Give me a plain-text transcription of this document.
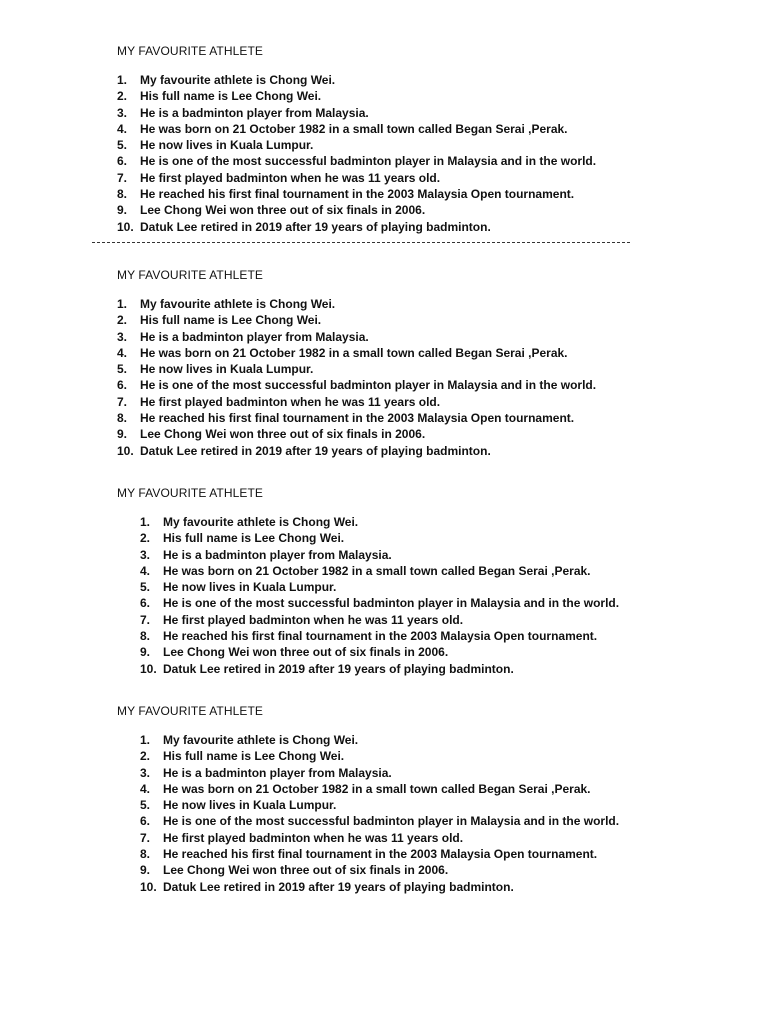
MY FAVOURITE ATHLETE
1. My favourite athlete is Chong Wei.
2. His full name is Lee Chong Wei.
3. He is a badminton player from Malaysia.
4. He was born on 21 October 1982 in a small town called Began Serai ,Perak.
5. He now lives in Kuala Lumpur.
6. He is one of the most successful badminton player in Malaysia and in the world.
7. He first played badminton when he was 11 years old.
8. He reached his first final tournament in the 2003 Malaysia Open tournament.
9. Lee Chong Wei won three out of six finals in 2006.
10. Datuk Lee retired in 2019 after 19 years of playing badminton.
MY FAVOURITE ATHLETE
1. My favourite athlete is Chong Wei.
2. His full name is Lee Chong Wei.
3. He is a badminton player from Malaysia.
4. He was born on 21 October 1982 in a small town called Began Serai ,Perak.
5. He now lives in Kuala Lumpur.
6. He is one of the most successful badminton player in Malaysia and in the world.
7. He first played badminton when he was 11 years old.
8. He reached his first final tournament in the 2003 Malaysia Open tournament.
9. Lee Chong Wei won three out of six finals in 2006.
10. Datuk Lee retired in 2019 after 19 years of playing badminton.
MY FAVOURITE ATHLETE
1. My favourite athlete is Chong Wei.
2. His full name is Lee Chong Wei.
3. He is a badminton player from Malaysia.
4. He was born on 21 October 1982 in a small town called Began Serai ,Perak.
5. He now lives in Kuala Lumpur.
6. He is one of the most successful badminton player in Malaysia and in the world.
7. He first played badminton when he was 11 years old.
8. He reached his first final tournament in the 2003 Malaysia Open tournament.
9. Lee Chong Wei won three out of six finals in 2006.
10. Datuk Lee retired in 2019 after 19 years of playing badminton.
MY FAVOURITE ATHLETE
1. My favourite athlete is Chong Wei.
2. His full name is Lee Chong Wei.
3. He is a badminton player from Malaysia.
4. He was born on 21 October 1982 in a small town called Began Serai ,Perak.
5. He now lives in Kuala Lumpur.
6. He is one of the most successful badminton player in Malaysia and in the world.
7. He first played badminton when he was 11 years old.
8. He reached his first final tournament in the 2003 Malaysia Open tournament.
9. Lee Chong Wei won three out of six finals in 2006.
10. Datuk Lee retired in 2019 after 19 years of playing badminton.
